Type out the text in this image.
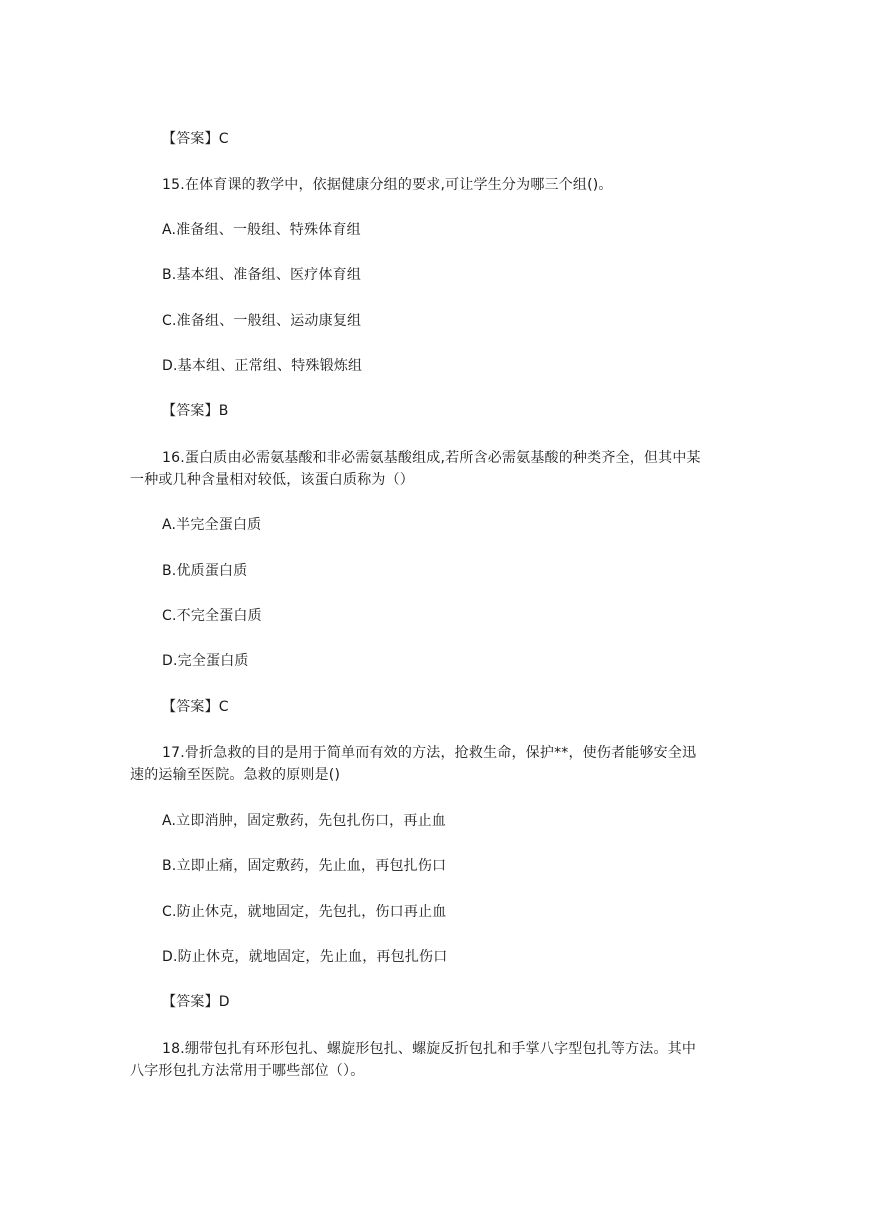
【答案】C
15.在体育课的教学中，依据健康分组的要求,可让学生分为哪三个组()。
A.准备组、一般组、特殊体育组
B.基本组、准备组、医疗体育组
C.准备组、一般组、运动康复组
D.基本组、正常组、特殊锻炼组
【答案】B
16.蛋白质由必需氨基酸和非必需氨基酸组成,若所含必需氨基酸的种类齐全，但其中某
一种或几种含量相对较低，该蛋白质称为（）
A.半完全蛋白质
B.优质蛋白质
C.不完全蛋白质
D.完全蛋白质
【答案】C
17.骨折急救的目的是用于简单而有效的方法，抢救生命，保护**，使伤者能够安全迅
速的运输至医院。急救的原则是()
A.立即消肿，固定敷药，先包扎伤口，再止血
B.立即止痛，固定敷药，先止血，再包扎伤口
C.防止休克，就地固定，先包扎，伤口再止血
D.防止休克，就地固定，先止血，再包扎伤口
【答案】D
18.绷带包扎有环形包扎、螺旋形包扎、螺旋反折包扎和手掌八字型包扎等方法。其中
八字形包扎方法常用于哪些部位（）。
